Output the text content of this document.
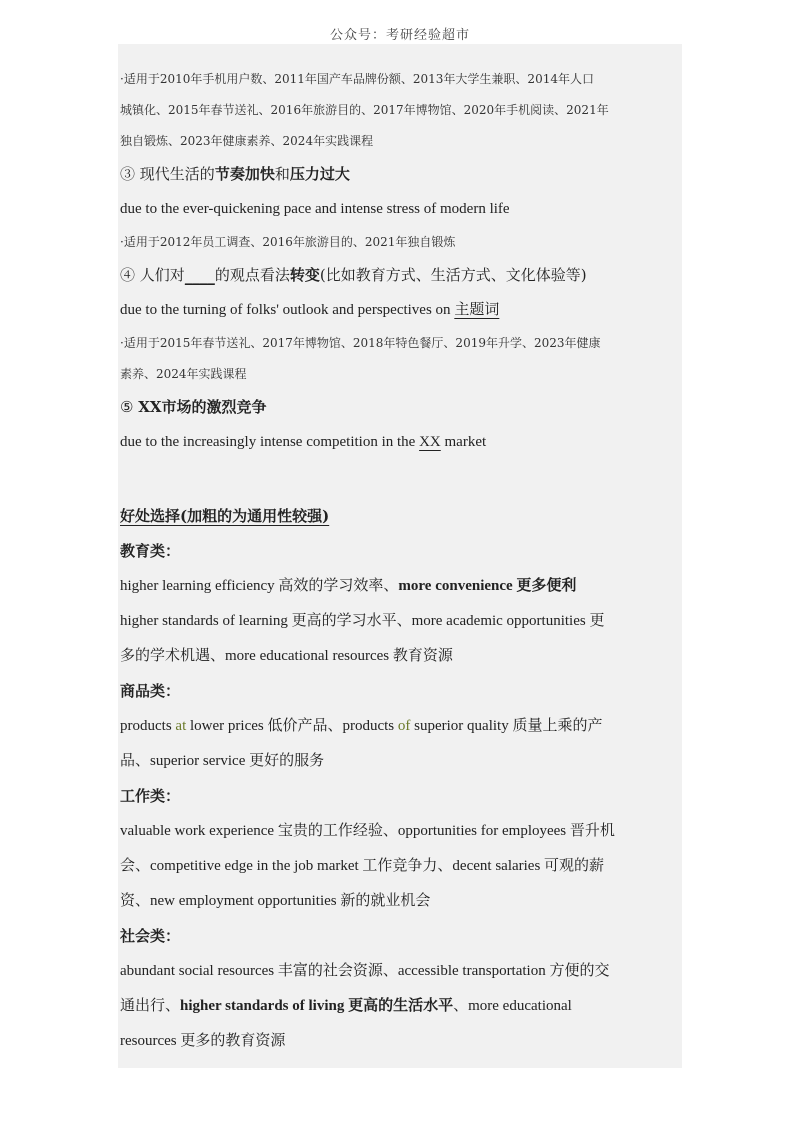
公众号：考研经验超市
·适用于2010年手机用户数、2011年国产车品牌份额、2013年大学生兼职、2014年人口
城镇化、2015年春节送礼、2016年旅游目的、2017年博物馆、2020年手机阅读、2021年
独自锻炼、2023年健康素养、2024年实践课程
③ 现代生活的节奏加快和压力过大
due to the ever-quickening pace and intense stress of modern life
·适用于2012年员工调查、2016年旅游目的、2021年独自锻炼
④ 人们对____的观点看法转变(比如教育方式、生活方式、文化体验等)
due to the turning of folks' outlook and perspectives on 主题词
·适用于2015年春节送礼、2017年博物馆、2018年特色餐厅、2019年升学、2023年健康
素养、2024年实践课程
⑤ XX市场的激烈竞争
due to the increasingly intense competition in the XX market
好处选择(加粗的为通用性较强)
教育类：
higher learning efficiency 高效的学习效率、more convenience 更多便利
higher standards of learning 更高的学习水平、more academic opportunities 更
多的学术机遇、more educational resources 教育资源
商品类：
products at lower prices 低价产品、products of superior quality 质量上乘的产
品、superior service 更好的服务
工作类：
valuable work experience 宝贵的工作经验、opportunities for employees 晋升机
会、competitive edge in the job market 工作竞争力、decent salaries 可观的薪
资、new employment opportunities 新的就业机会
社会类：
abundant social resources 丰富的社会资源、accessible transportation 方便的交
通出行、higher standards of living 更高的生活水平、more educational
resources 更多的教育资源
